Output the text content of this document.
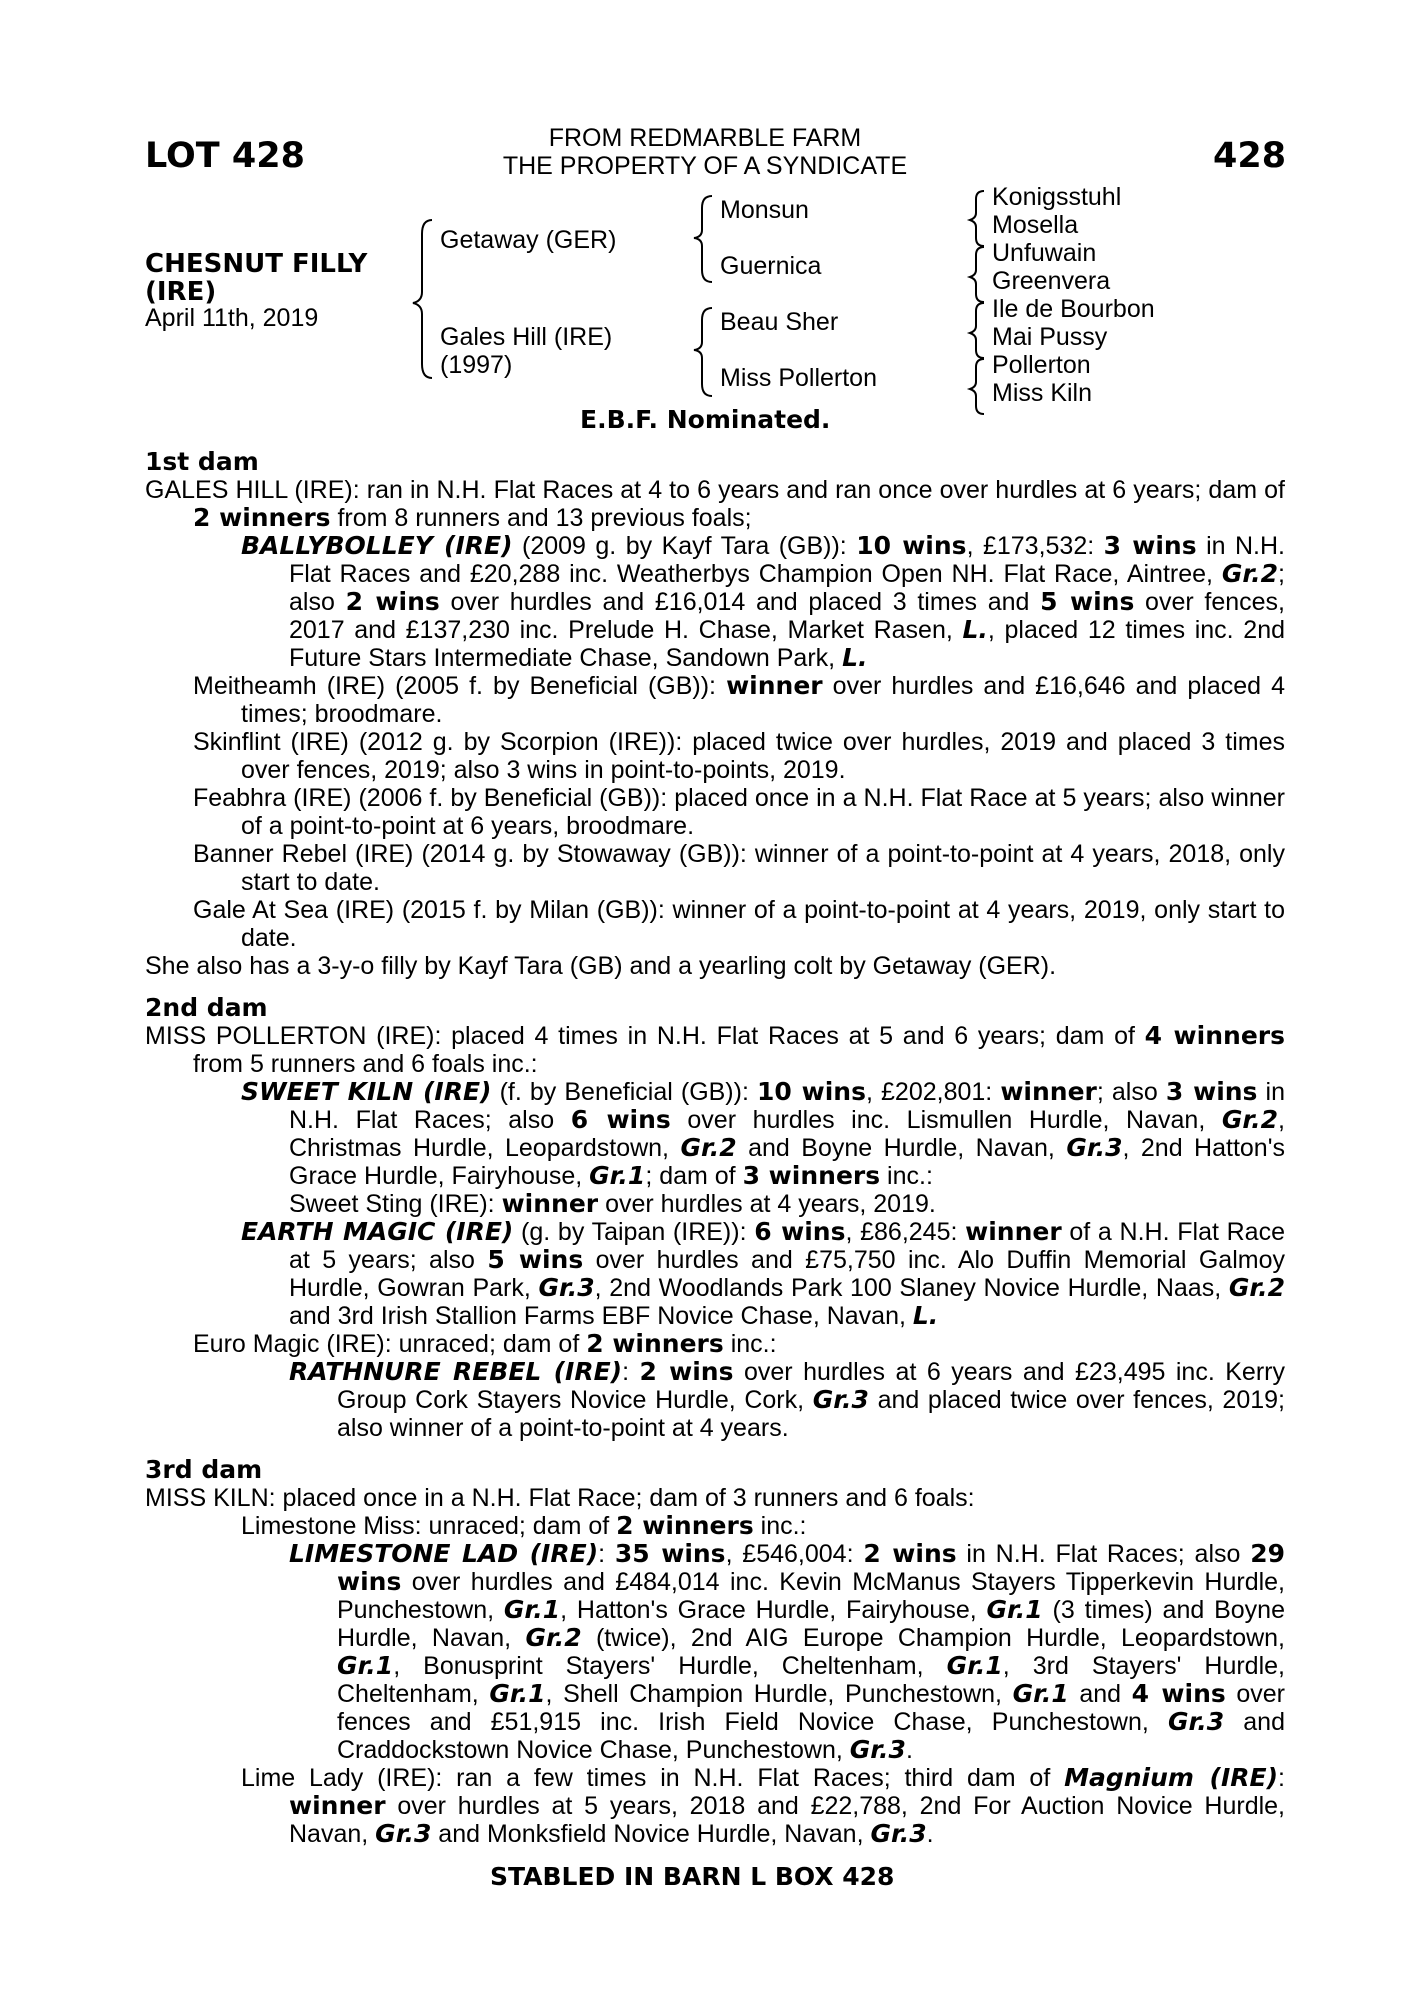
LOT 428	428
FROM REDMARBLE FARM
THE PROPERTY OF A SYNDICATE
CHESNUT FILLY
(IRE)
April 11th, 2019
Getaway (GER)
Gales Hill (IRE)
(1997)
Monsun
Guernica
Beau Sher
Miss Pollerton
Konigsstuhl
Mosella
Unfuwain
Greenvera
Ile de Bourbon
Mai Pussy
Pollerton
Miss Kiln
E.B.F. Nominated.

1st dam

GALES HILL (IRE): ran in N.H. Flat Races at 4 to 6 years and ran once over hurdles at 6 years; dam of 2 winners from 8 runners and 13 previous foals;

BALLYBOLLEY (IRE) (2009 g. by Kayf Tara (GB)): 10 wins, £173,532: 3 wins in N.H. Flat Races and £20,288 inc. Weatherbys Champion Open NH. Flat Race, Aintree, Gr.2; also 2 wins over hurdles and £16,014 and placed 3 times and 5 wins over fences, 2017 and £137,230 inc. Prelude H. Chase, Market Rasen, L., placed 12 times inc. 2nd Future Stars Intermediate Chase, Sandown Park, L.

Meitheamh (IRE) (2005 f. by Beneficial (GB)): winner over hurdles and £16,646 and placed 4 times; broodmare.

Skinflint (IRE) (2012 g. by Scorpion (IRE)): placed twice over hurdles, 2019 and placed 3 times over fences, 2019; also 3 wins in point-to-points, 2019.

Feabhra (IRE) (2006 f. by Beneficial (GB)): placed once in a N.H. Flat Race at 5 years; also winner of a point-to-point at 6 years, broodmare.

Banner Rebel (IRE) (2014 g. by Stowaway (GB)): winner of a point-to-point at 4 years, 2018, only start to date.

Gale At Sea (IRE) (2015 f. by Milan (GB)): winner of a point-to-point at 4 years, 2019, only start to date.

She also has a 3-y-o filly by Kayf Tara (GB) and a yearling colt by Getaway (GER).

2nd dam

MISS POLLERTON (IRE): placed 4 times in N.H. Flat Races at 5 and 6 years; dam of 4 winners from 5 runners and 6 foals inc.:

SWEET KILN (IRE) (f. by Beneficial (GB)): 10 wins, £202,801: winner; also 3 wins in N.H. Flat Races; also 6 wins over hurdles inc. Lismullen Hurdle, Navan, Gr.2, Christmas Hurdle, Leopardstown, Gr.2 and Boyne Hurdle, Navan, Gr.3, 2nd Hatton's Grace Hurdle, Fairyhouse, Gr.1; dam of 3 winners inc.:

Sweet Sting (IRE): winner over hurdles at 4 years, 2019.

EARTH MAGIC (IRE) (g. by Taipan (IRE)): 6 wins, £86,245: winner of a N.H. Flat Race at 5 years; also 5 wins over hurdles and £75,750 inc. Alo Duffin Memorial Galmoy Hurdle, Gowran Park, Gr.3, 2nd Woodlands Park 100 Slaney Novice Hurdle, Naas, Gr.2 and 3rd Irish Stallion Farms EBF Novice Chase, Navan, L.

Euro Magic (IRE): unraced; dam of 2 winners inc.:

RATHNURE REBEL (IRE): 2 wins over hurdles at 6 years and £23,495 inc. Kerry Group Cork Stayers Novice Hurdle, Cork, Gr.3 and placed twice over fences, 2019; also winner of a point-to-point at 4 years.

3rd dam

MISS KILN: placed once in a N.H. Flat Race; dam of 3 runners and 6 foals:

Limestone Miss: unraced; dam of 2 winners inc.:

LIMESTONE LAD (IRE): 35 wins, £546,004: 2 wins in N.H. Flat Races; also 29 wins over hurdles and £484,014 inc. Kevin McManus Stayers Tipperkevin Hurdle, Punchestown, Gr.1, Hatton's Grace Hurdle, Fairyhouse, Gr.1 (3 times) and Boyne Hurdle, Navan, Gr.2 (twice), 2nd AIG Europe Champion Hurdle, Leopardstown, Gr.1, Bonusprint Stayers' Hurdle, Cheltenham, Gr.1, 3rd Stayers' Hurdle, Cheltenham, Gr.1, Shell Champion Hurdle, Punchestown, Gr.1 and 4 wins over fences and £51,915 inc. Irish Field Novice Chase, Punchestown, Gr.3 and Craddockstown Novice Chase, Punchestown, Gr.3.

Lime Lady (IRE): ran a few times in N.H. Flat Races; third dam of Magnium (IRE): winner over hurdles at 5 years, 2018 and £22,788, 2nd For Auction Novice Hurdle, Navan, Gr.3 and Monksfield Novice Hurdle, Navan, Gr.3.

STABLED IN BARN L BOX 428
